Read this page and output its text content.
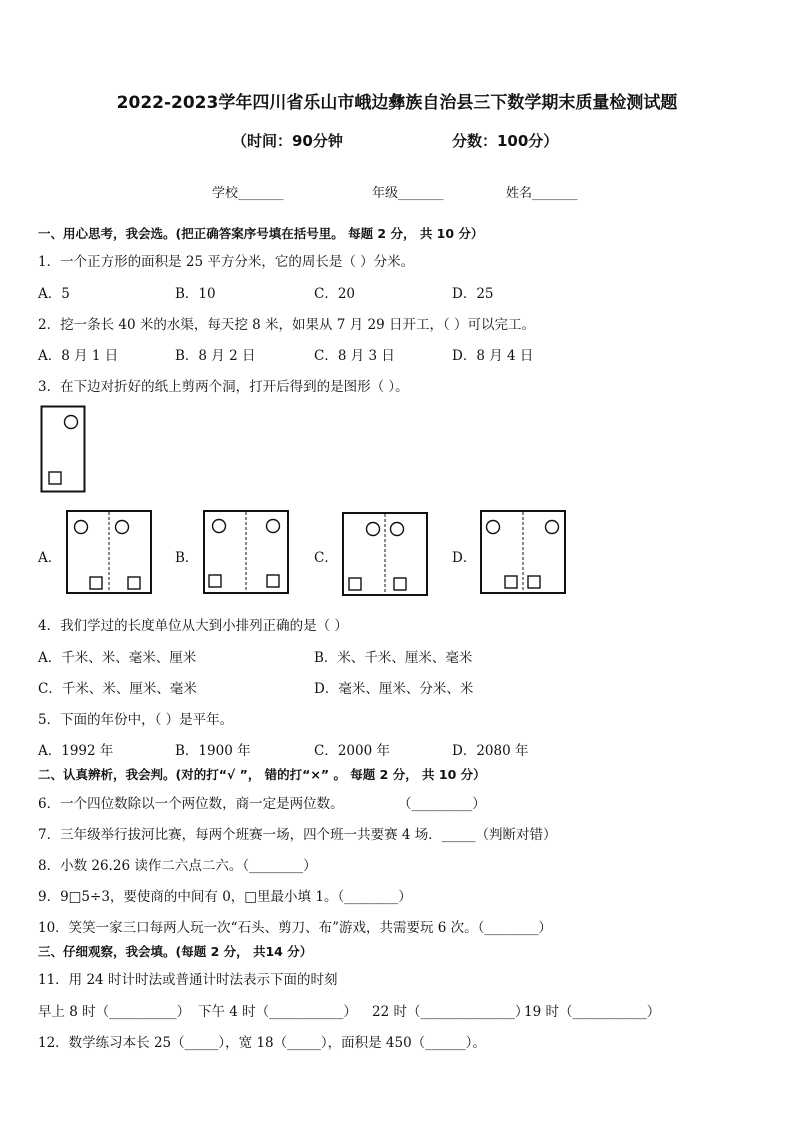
2022-2023学年四川省乐山市峨边彝族自治县三下数学期末质量检测试题
（时间：90分钟	分数：100分）
学校_______	年级_______	姓名_______
一、用心思考，我会选。(把正确答案序号填在括号里。 每题 2 分， 共 10 分）
1．一个正方形的面积是 25 平方分米，它的周长是（ ）分米。
A．5	B．10	C．20	D．25
2．挖一条长 40 米的水渠，每天挖 8 米，如果从 7 月 29 日开工，（ ）可以完工。
A．8 月 1 日	B．8 月 2 日	C．8 月 3 日	D．8 月 4 日
3．在下边对折好的纸上剪两个洞，打开后得到的是图形（ ）。
A．	B．	C．	D．
4．我们学过的长度单位从大到小排列正确的是（ ）
A．千米、米、毫米、厘米	B．米、千米、厘米、毫米
C．千米、米、厘米、毫米	D．毫米、厘米、分米、米
5．下面的年份中，（ ）是平年。
A．1992 年	B．1900 年	C．2000 年	D．2080 年
二、认真辨析，我会判。(对的打“√ ”， 错的打“×” 。 每题 2 分， 共 10 分）
6．一个四位数除以一个两位数，商一定是两位数。	（_________）
7．三年级举行拔河比赛，每两个班赛一场，四个班一共要赛 4 场．_____（判断对错）
8．小数 26.26 读作二六点二六。（________）
9．9□5÷3，要使商的中间有 0，□里最小填 1。（________）
10．笑笑一家三口每两人玩一次“石头、剪刀、布”游戏，共需要玩 6 次。（________）
三、仔细观察，我会填。(每题 2 分， 共14 分）
11．用 24 时计时法或普通计时法表示下面的时刻
早上 8 时（__________） 下午 4 时（___________） 22 时（______________）
19 时（___________）
12．数学练习本长 25（_____），宽 18（_____），面积是 450（______）。
